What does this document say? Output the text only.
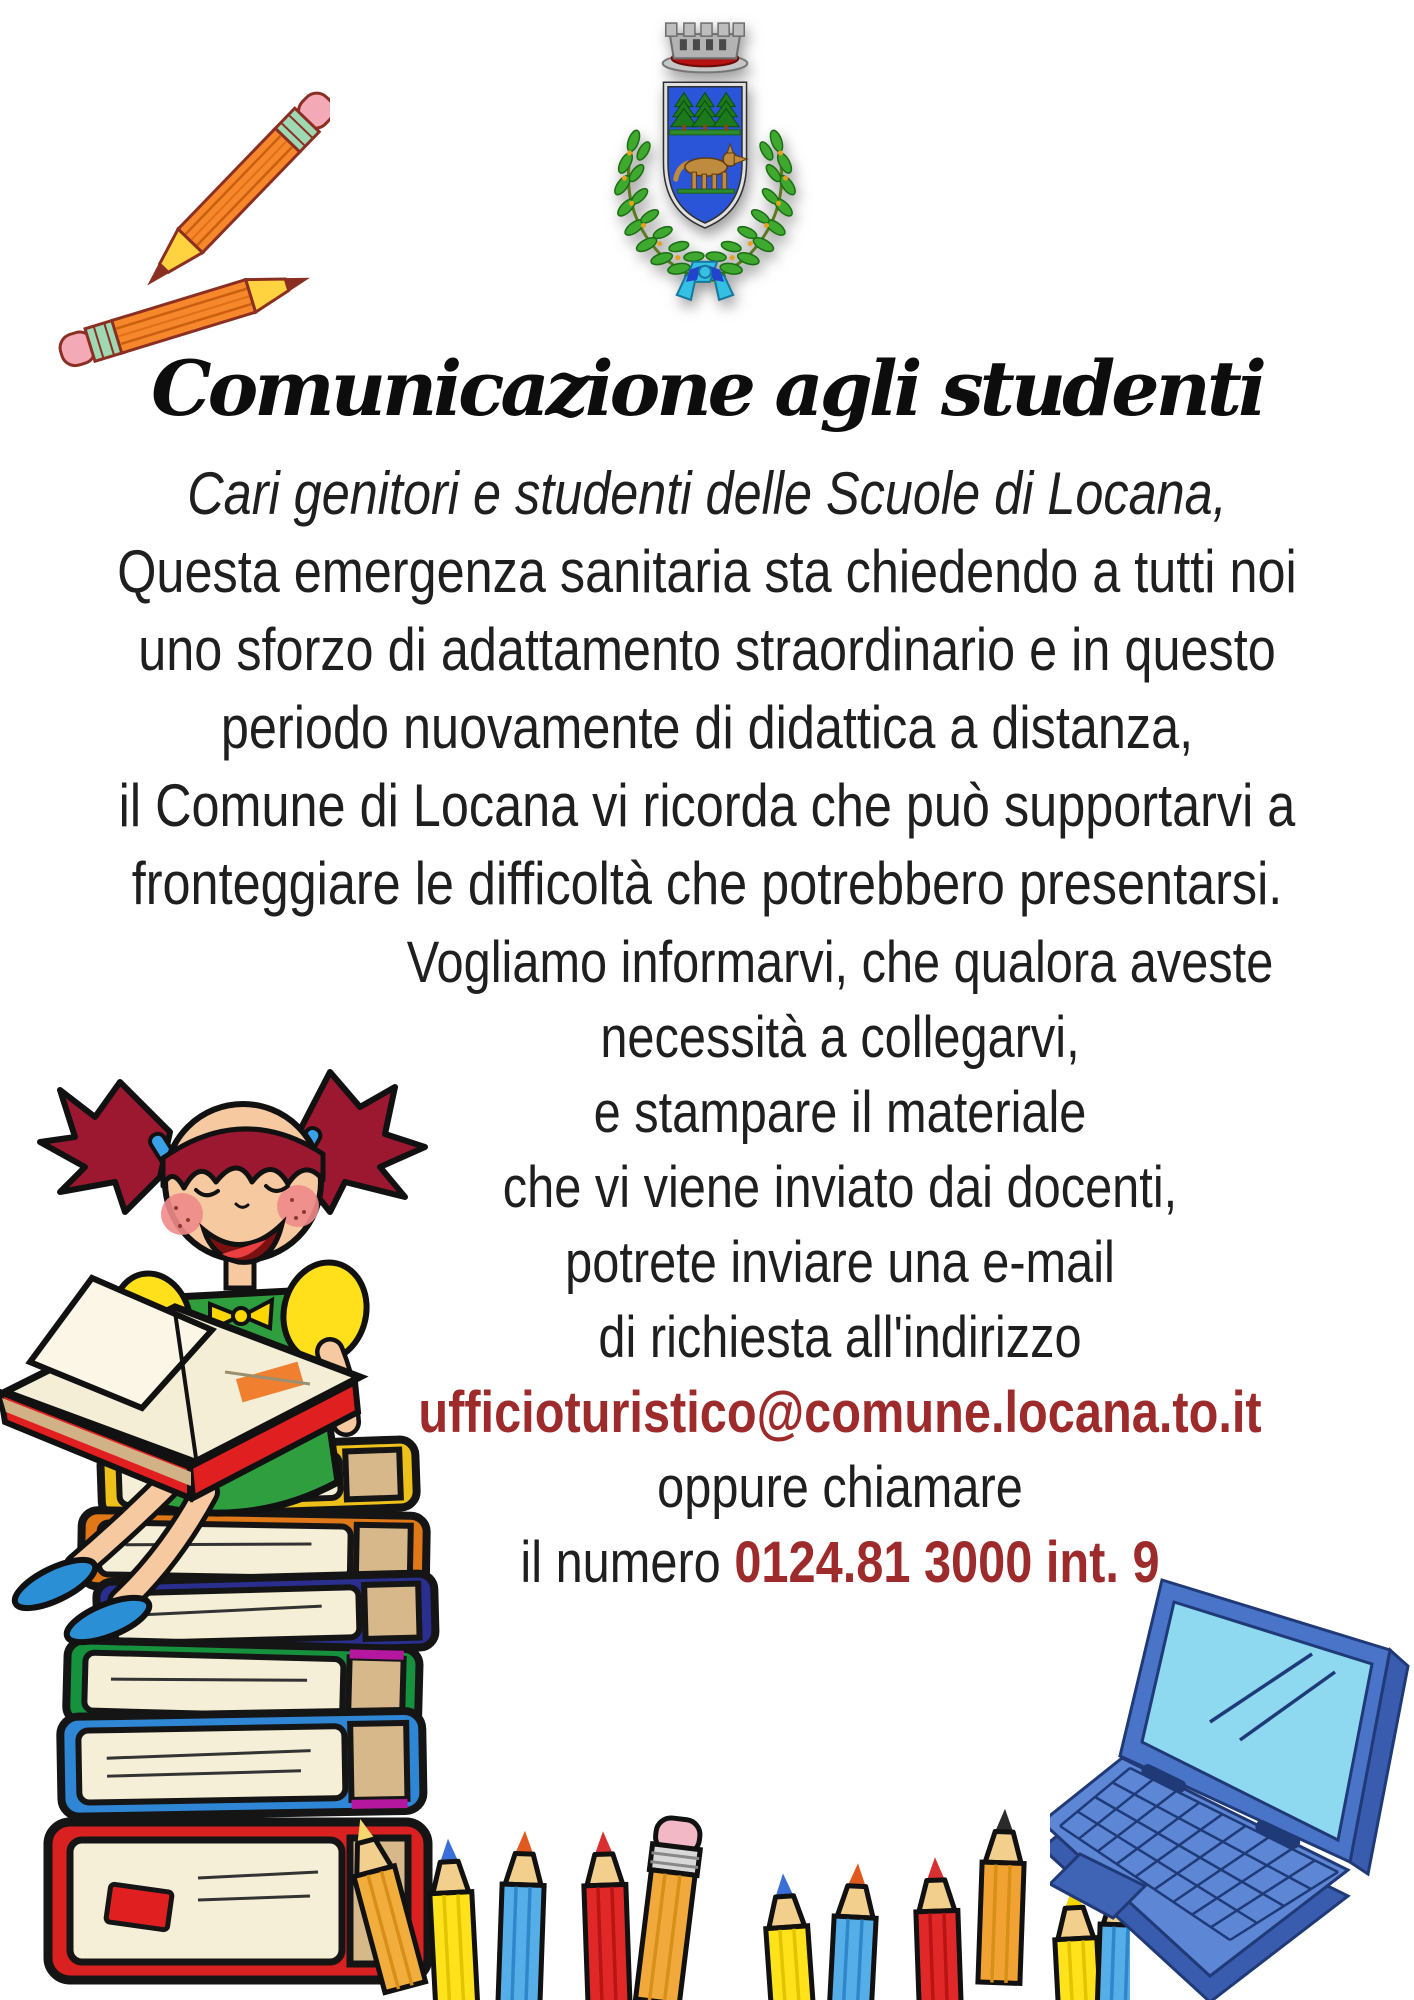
Comunicazione agli studenti
Cari genitori e studenti delle Scuole di Locana,
Questa emergenza sanitaria sta chiedendo a tutti noi
uno sforzo di adattamento straordinario e in questo
periodo nuovamente di didattica a distanza,
il Comune di Locana vi ricorda che può supportarvi a
fronteggiare le difficoltà che potrebbero presentarsi.
Vogliamo informarvi, che qualora aveste
necessità a collegarvi,
e stampare il materiale
che vi viene inviato dai docenti,
potrete inviare una e-mail
di richiesta all'indirizzo
ufficioturistico@comune.locana.to.it
oppure chiamare
il numero 0124.81 3000 int. 9
